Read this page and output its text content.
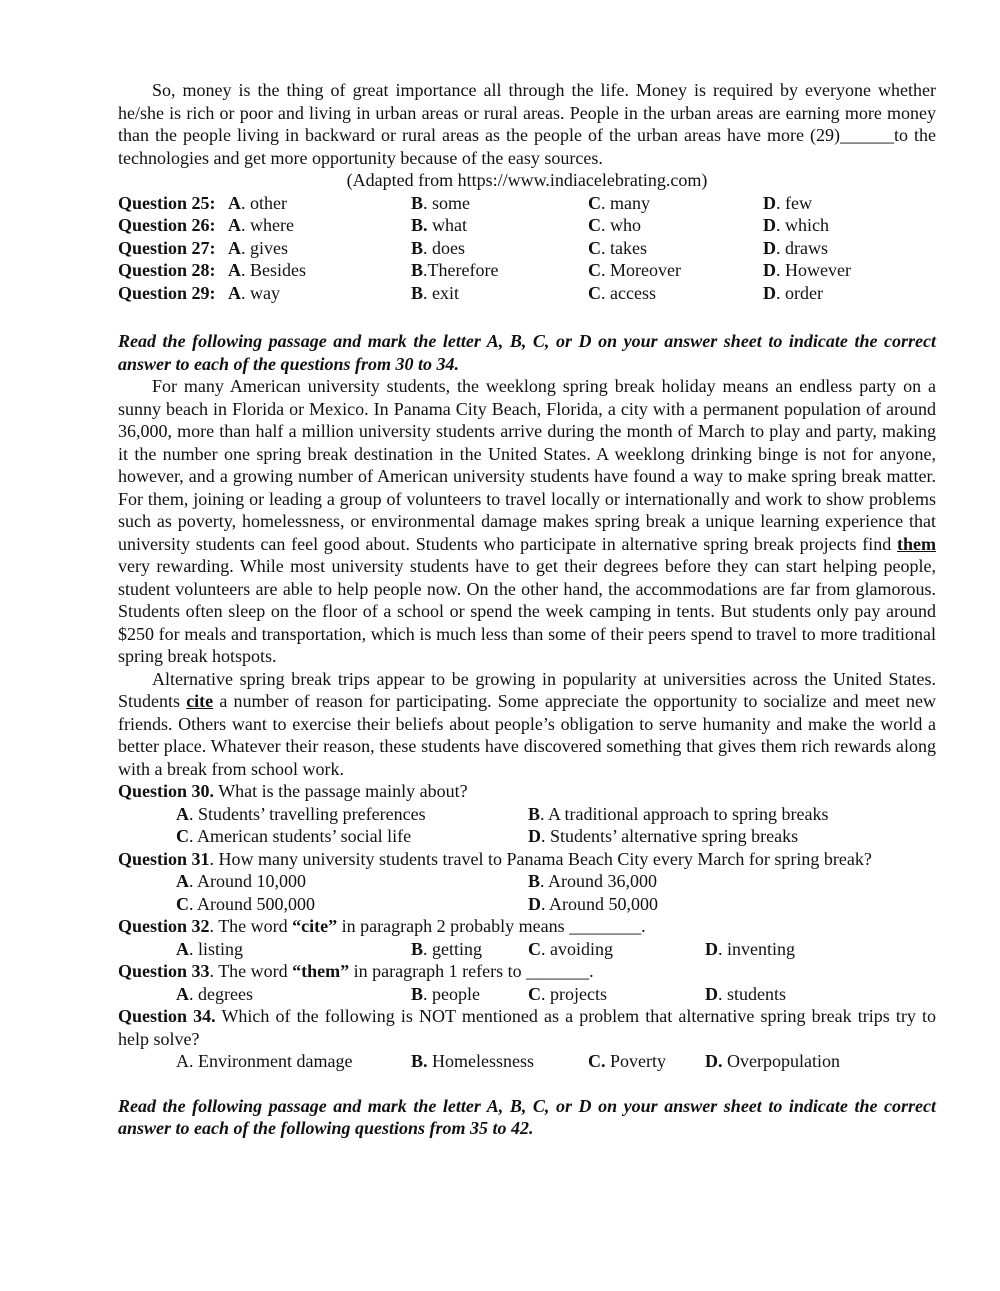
So, money is the thing of great importance all through the life. Money is required by everyone whether he/she is rich or poor and living in urban areas or rural areas. People in the urban areas are earning more money than the people living in backward or rural areas as the people of the urban areas have more (29)______to the technologies and get more opportunity because of the easy sources.

(Adapted from https://www.indiacelebrating.com)

Question 25: A. other	B. some	C. many	D. few
Question 26: A. where	B. what	C. who	D. which
Question 27: A. gives	B. does	C. takes	D. draws
Question 28: A. Besides	B.Therefore	C. Moreover	D. However
Question 29: A. way	B. exit	C. access	D. order

Read the following passage and mark the letter A, B, C, or D on your answer sheet to indicate the correct answer to each of the questions from 30 to 34.

For many American university students, the weeklong spring break holiday means an endless party on a sunny beach in Florida or Mexico. In Panama City Beach, Florida, a city with a permanent population of around 36,000, more than half a million university students arrive during the month of March to play and party, making it the number one spring break destination in the United States. A weeklong drinking binge is not for anyone, however, and a growing number of American university students have found a way to make spring break matter. For them, joining or leading a group of volunteers to travel locally or internationally and work to show problems such as poverty, homelessness, or environmental damage makes spring break a unique learning experience that university students can feel good about. Students who participate in alternative spring break projects find them very rewarding. While most university students have to get their degrees before they can start helping people, student volunteers are able to help people now. On the other hand, the accommodations are far from glamorous. Students often sleep on the floor of a school or spend the week camping in tents. But students only pay around $250 for meals and transportation, which is much less than some of their peers spend to travel to more traditional spring break hotspots.

Alternative spring break trips appear to be growing in popularity at universities across the United States. Students cite a number of reason for participating. Some appreciate the opportunity to socialize and meet new friends. Others want to exercise their beliefs about people’s obligation to serve humanity and make the world a better place. Whatever their reason, these students have discovered something that gives them rich rewards along with a break from school work.

Question 30. What is the passage mainly about?

A. Students’ travelling preferences	B. A traditional approach to spring breaks
C. American students’ social life	D. Students’ alternative spring breaks

Question 31. How many university students travel to Panama Beach City every March for spring break?

A. Around 10,000	B. Around 36,000
C. Around 500,000	D. Around 50,000

Question 32. The word “cite” in paragraph 2 probably means ________.

A. listing	B. getting	C. avoiding	D. inventing

Question 33. The word “them” in paragraph 1 refers to _______.

A. degrees	B. people	C. projects	D. students

Question 34. Which of the following is NOT mentioned as a problem that alternative spring break trips try to help solve?

A. Environment damage	B. Homelessness	C. Poverty D. Overpopulation

Read the following passage and mark the letter A, B, C, or D on your answer sheet to indicate the correct answer to each of the following questions from 35 to 42.
